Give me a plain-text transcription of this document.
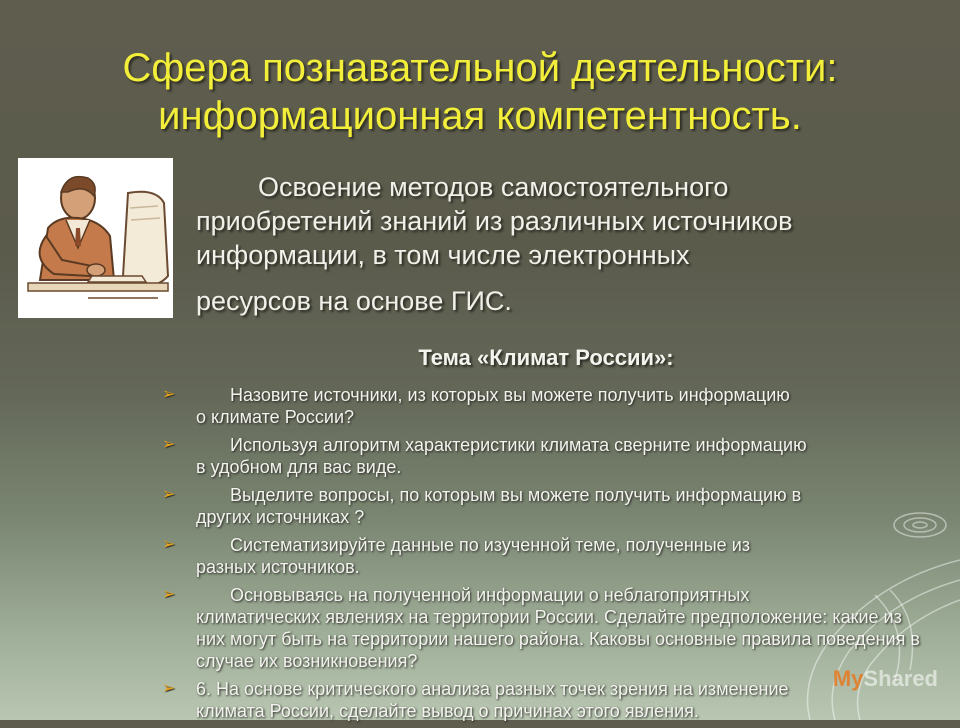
Сфера познавательной деятельности:
информационная компетентность.
Освоение методов самостоятельного
приобретений знаний из различных источников
информации, в том числе электронных
ресурсов на основе ГИС.
Тема «Климат России»:
➢	Назовите источники, из которых вы можете получить информацию
о климате России?
➢	Используя алгоритм характеристики климата сверните информацию
в удобном для вас виде.
➢	Выделите вопросы, по которым вы можете получить информацию в
других источниках ?
➢	Систематизируйте данные по изученной теме, полученные из
разных источников.
➢	Основываясь на полученной информации о неблагоприятных
климатических явлениях на территории России. Сделайте предположение: какие из них могут быть на территории нашего района. Каковы основные правила поведения в случае их возникновения?
➢ 6. На основе критического анализа разных точек зрения на изменение
климата России, сделайте вывод о причинах этого явления.
MyShared
